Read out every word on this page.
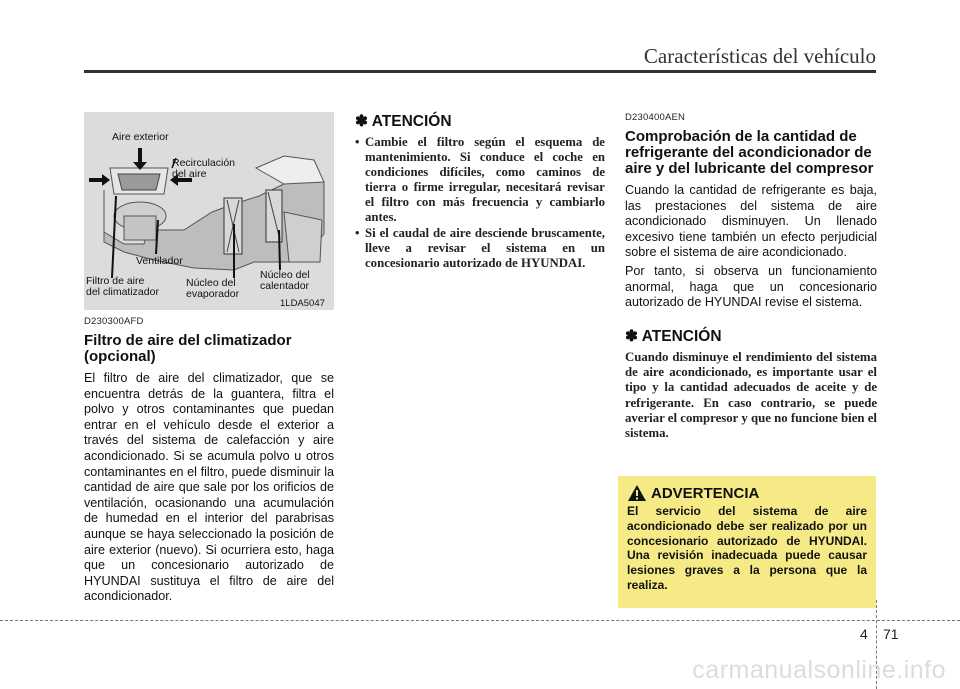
Características del vehículo
Aire exterior
Recirculación
del aire
Ventilador
Filtro de aire
del climatizador
Núcleo del
evaporador
Núcleo del
calentador
1LDA5047
D230300AFD
Filtro de aire del climatizador (opcional)

El filtro de aire del climatizador, que se encuentra detrás de la guantera, filtra el polvo y otros contaminantes que puedan entrar en el vehículo desde el exterior a través del sistema de calefacción y aire acondicionado. Si se acumula polvo u otros contaminantes en el filtro, puede disminuir la cantidad de aire que sale por los orificios de ventilación, ocasionando una acumulación de humedad en el interior del parabrisas aunque se haya seleccionado la posición de aire exterior (nuevo). Si ocurriera esto, haga que un concesionario autorizado de HYUNDAI sustituya el filtro de aire del acondicionador.

✽ ATENCIÓN
• Cambie el filtro según el esquema de mantenimiento. Si conduce el coche en condiciones difíciles, como caminos de tierra o firme irregular, necesitará revisar el filtro con más frecuencia y cambiarlo antes.
• Si el caudal de aire desciende bruscamente, lleve a revisar el sistema en un concesionario autorizado de HYUNDAI.
D230400AEN
Comprobación de la cantidad de refrigerante del acondicionador de aire y del lubricante del compresor

Cuando la cantidad de refrigerante es baja, las prestaciones del sistema de aire acondicionado disminuyen. Un llenado excesivo tiene también un efecto perjudicial sobre el sistema de aire acondicionado.

Por tanto, si observa un funcionamiento anormal, haga que un concesionario autorizado de HYUNDAI revise el sistema.

✽ ATENCIÓN

Cuando disminuye el rendimiento del sistema de aire acondicionado, es importante usar el tipo y la cantidad adecuados de aceite y de refrigerante. En caso contrario, se puede averiar el compresor y que no funcione bien el sistema.

ADVERTENCIA
El servicio del sistema de aire acondicionado debe ser realizado por un concesionario autorizado de HYUNDAI. Una revisión inadecuada puede causar lesiones graves a la persona que la realiza.
4 71
carmanualsonline.info
